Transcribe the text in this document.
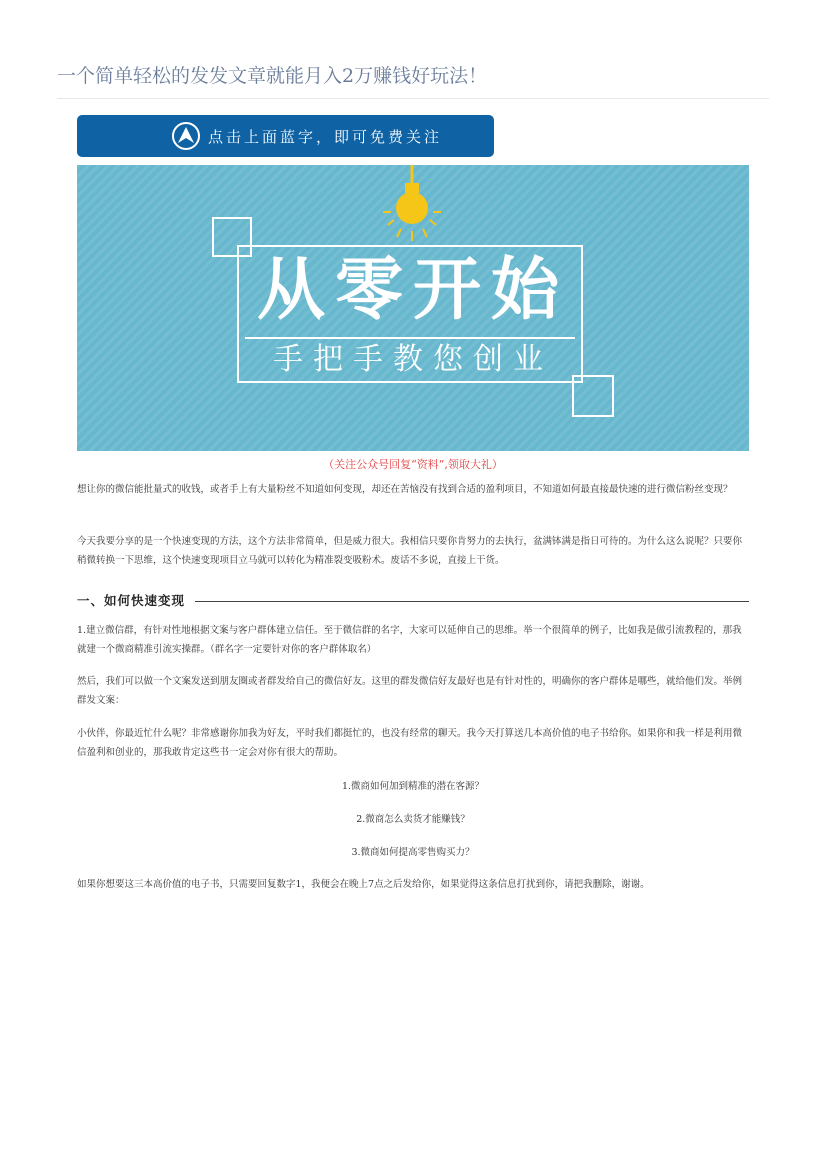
一个简单轻松的发发文章就能月入2万赚钱好玩法！
点击上面蓝字，即可免费关注
从零开始
手把手教您创业
（关注公众号回复“资料”,领取大礼）

想让你的微信能批量式的收钱，或者手上有大量粉丝不知道如何变现，却还在苦恼没有找到合适的盈利项目，不知道如何最直接最快速的进行微信粉丝变现？

今天我要分享的是一个快速变现的方法，这个方法非常简单，但是威力很大。我相信只要你肯努力的去执行，盆满钵满是指日可待的。为什么这么说呢？只要你稍微转换一下思维，这个快速变现项目立马就可以转化为精准裂变吸粉术。废话不多说，直接上干货。

一、如何快速变现

1.建立微信群，有针对性地根据文案与客户群体建立信任。至于微信群的名字，大家可以延伸自己的思维。举一个很简单的例子，比如我是做引流教程的，那我就建一个微商精准引流实操群。（群名字一定要针对你的客户群体取名）

然后，我们可以做一个文案发送到朋友圈或者群发给自己的微信好友。这里的群发微信好友最好也是有针对性的，明确你的客户群体是哪些，就给他们发。举例群发文案：

小伙伴，你最近忙什么呢？非常感谢你加我为好友，平时我们都挺忙的，也没有经常的聊天。我今天打算送几本高价值的电子书给你。如果你和我一样是利用微信盈利和创业的，那我敢肯定这些书一定会对你有很大的帮助。

1.微商如何加到精准的潜在客源？
2.微商怎么卖货才能赚钱？
3.微商如何提高零售购买力？

如果你想要这三本高价值的电子书，只需要回复数字1，我便会在晚上7点之后发给你，如果觉得这条信息打扰到你，请把我删除，谢谢。
